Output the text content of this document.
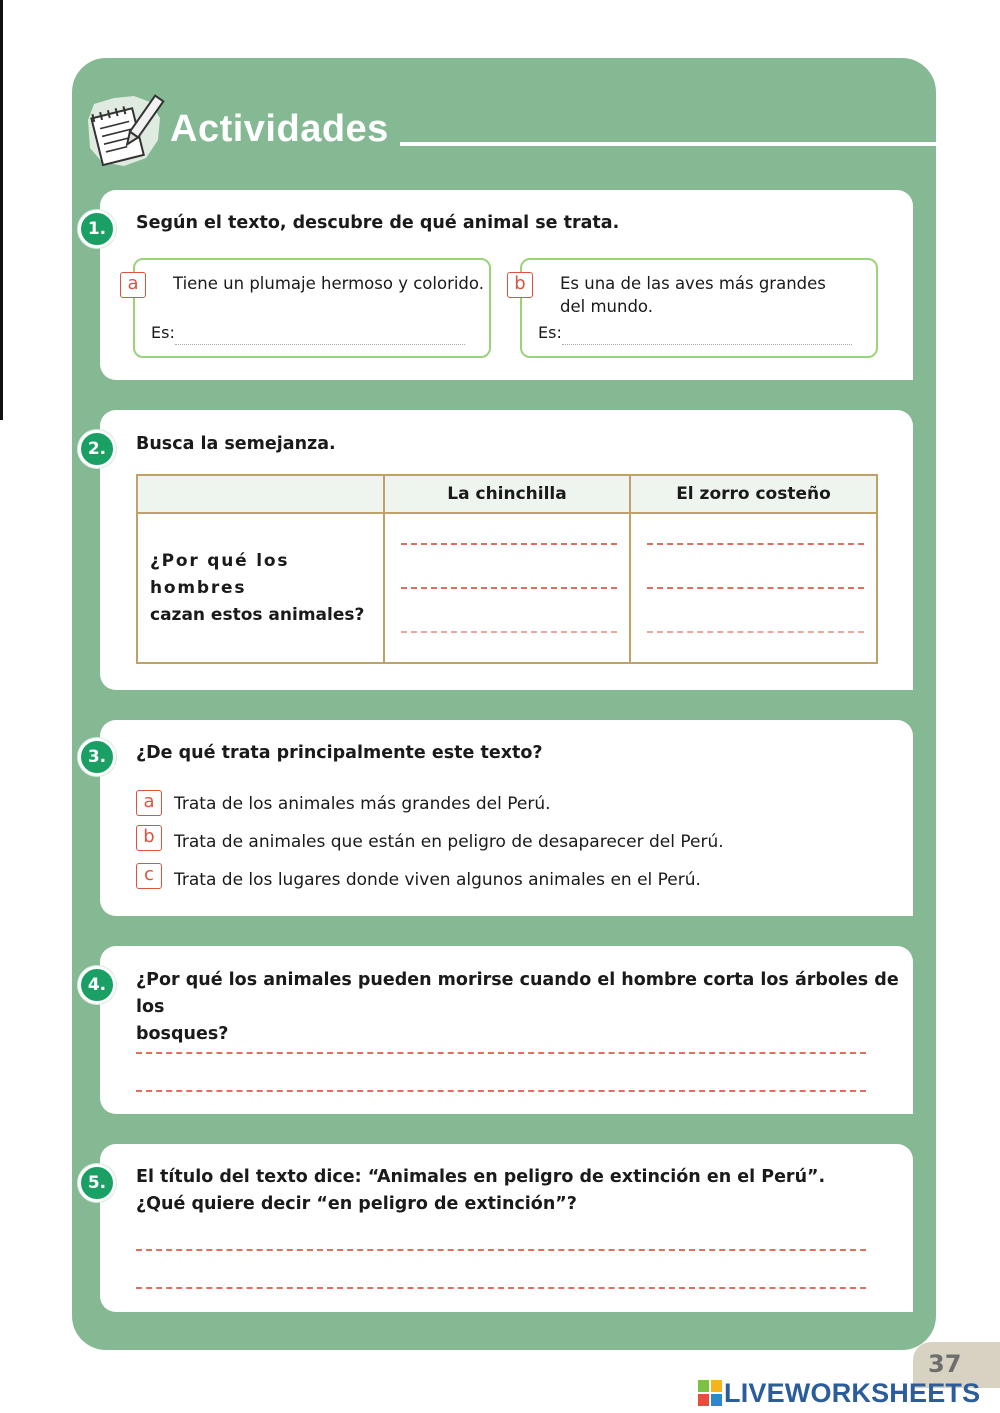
Actividades
1.	Según el texto, descubre de qué animal se trata.
a	Tiene un plumaje hermoso y colorido.
Es:
b	Es una de las aves más grandes
del mundo.
Es:
2.	Busca la semejanza.
	La chinchilla	El zorro costeño

¿Por qué los hombres
cazan estos animales?		

3.	¿De qué trata principalmente este texto?
a	Trata de los animales más grandes del Perú.
b	Trata de animales que están en peligro de desaparecer del Perú.
c	Trata de los lugares donde viven algunos animales en el Perú.
4.	¿Por qué los animales pueden morirse cuando el hombre corta los árboles de los
bosques?
5.	El título del texto dice: “Animales en peligro de extinción en el Perú”.
¿Qué quiere decir “en peligro de extinción”?
37
LIVEWORKSHEETS
